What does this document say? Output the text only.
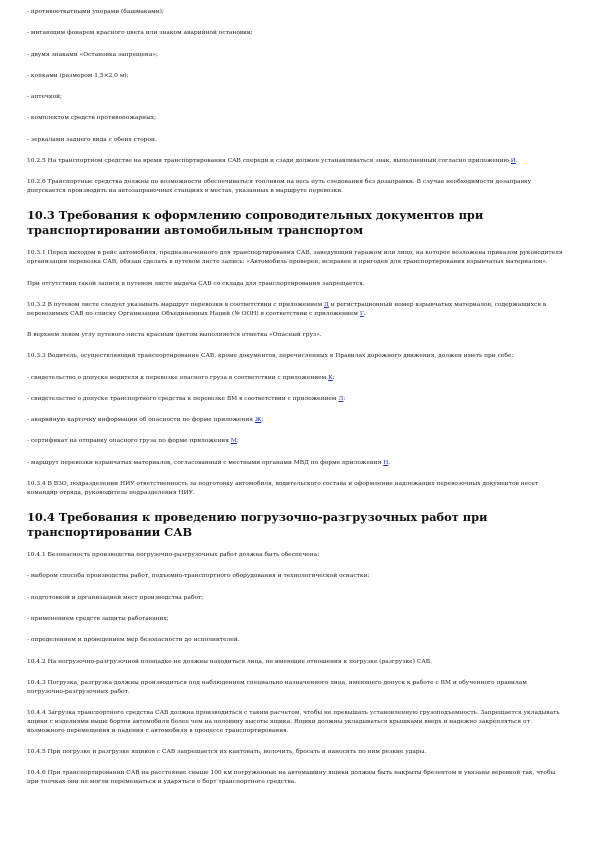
- противооткатными упорами (башмаками);

- мигающим фонарем красного цвета или знаком аварийной остановки;

- двумя знаками «Остановка запрещена»;

- копками (размером 1,5×2,0 м);

- аптечкой;

- комплектом средств противопожарных;

- зеркалами заднего вида с обеих сторон.

10.2.5 На транспортном средстве на время транспортирования САВ спереди и сзади должен устанавливаться знак, выполненный согласно приложению И.

10.2.6 Транспортные средства должны по возможности обеспечиваться топливом на весь путь следования без дозаправки. В случае необходимости дозаправку допускается производить на автозаправочных станциях в местах, указанных в маршруте перевозки.

10.3 Требования к оформлению сопроводительных документов при транспортировании автомобильным транспортом

10.3.1 Перед выходом в рейс автомобиля, предназначенного для транспортирования САВ, заведующий гаражом или лицо, на которое возложена приказом руководителя организации перевозка САВ, обязан сделать в путевом листе запись: «Автомобиль проверен, исправен и пригоден для транспортирования взрывчатых материалов».

При отсутствии такой записи в путевом листе выдача САВ со склада для транспортирования запрещается.

10.3.2 В путевом листе следует указывать маршрут перевозки в соответствии с приложением Д и регистрационный номер взрывчатых материалов, содержащихся в перевозимых САВ по списку Организации Объединенных Наций (№ ООН) в соответствии с приложением Г.

В верхнем левом углу путевого листа красным цветом выполняется отметка «Опасный груз».

10.3.3 Водитель, осуществляющий транспортирование САВ, кроме документов, перечисленных в Правилах дорожного движения, должен иметь при себе:

- свидетельство о допуске водителя к перевозке опасного груза в соответствии с приложением К;

- свидетельство о допуске транспортного средства к перевозке ВМ в соответствии с приложением Л;

- аварийную карточку информации об опасности по форме приложения Ж;

- сертификат на отправку опасного груза по форме приложения М;

- маршрут перевозки взрывчатых материалов, согласованный с местными органами МВД по форме приложения Н.

10.3.4 В ВЗО, подразделении НИУ ответственность за подготовку автомобиля, водительского состава и оформление надлежащих перевозочных документов несет командир отряда, руководитель подразделения НИУ.

10.4 Требования к проведению погрузочно-разгрузочных работ при транспортировании САВ

10.4.1 Безопасность производства погрузочно-разгрузочных работ должна быть обеспечена:

- выбором способа производства работ, подъемно-транспортного оборудования и технологической оснастки;

- подготовкой и организацией мест производства работ;

- применением средств защиты работающих;

- определением и проведением мер безопасности до исполнителей.

10.4.2 На погрузочно-разгрузочной площадке не должны находиться лица, не имеющие отношения к погрузке (разгрузке) САВ.

10.4.3 Погрузка, разгрузка должны производиться под наблюдением специально назначенного лица, имеющего допуск к работе с ВМ и обученного правилам погрузочно-разгрузочных работ.

10.4.4 Загрузка транспортного средства САВ должна производиться с таким расчетом, чтобы не превышать установленную грузоподъемность. Запрещается укладывать ящики с изделиями выше бортов автомобиля более чем на половину высоты ящика. Ящики должны укладываться крышками вверх и надежно закрепляться от возможного перемещения и падения с автомобиля в процессе транспортирования.

10.4.5 При погрузке и разгрузке ящиков с САВ запрещается их кантовать, волочить, бросать и наносить по ним резкие удары.

10.4.6 При транспортировании САВ на расстояние свыше 100 км погруженные на автомашину ящики должны быть накрыты брезентом и увязаны веревкой так, чтобы при толчках они не могли перемещаться и ударяться о борт транспортного средства.
